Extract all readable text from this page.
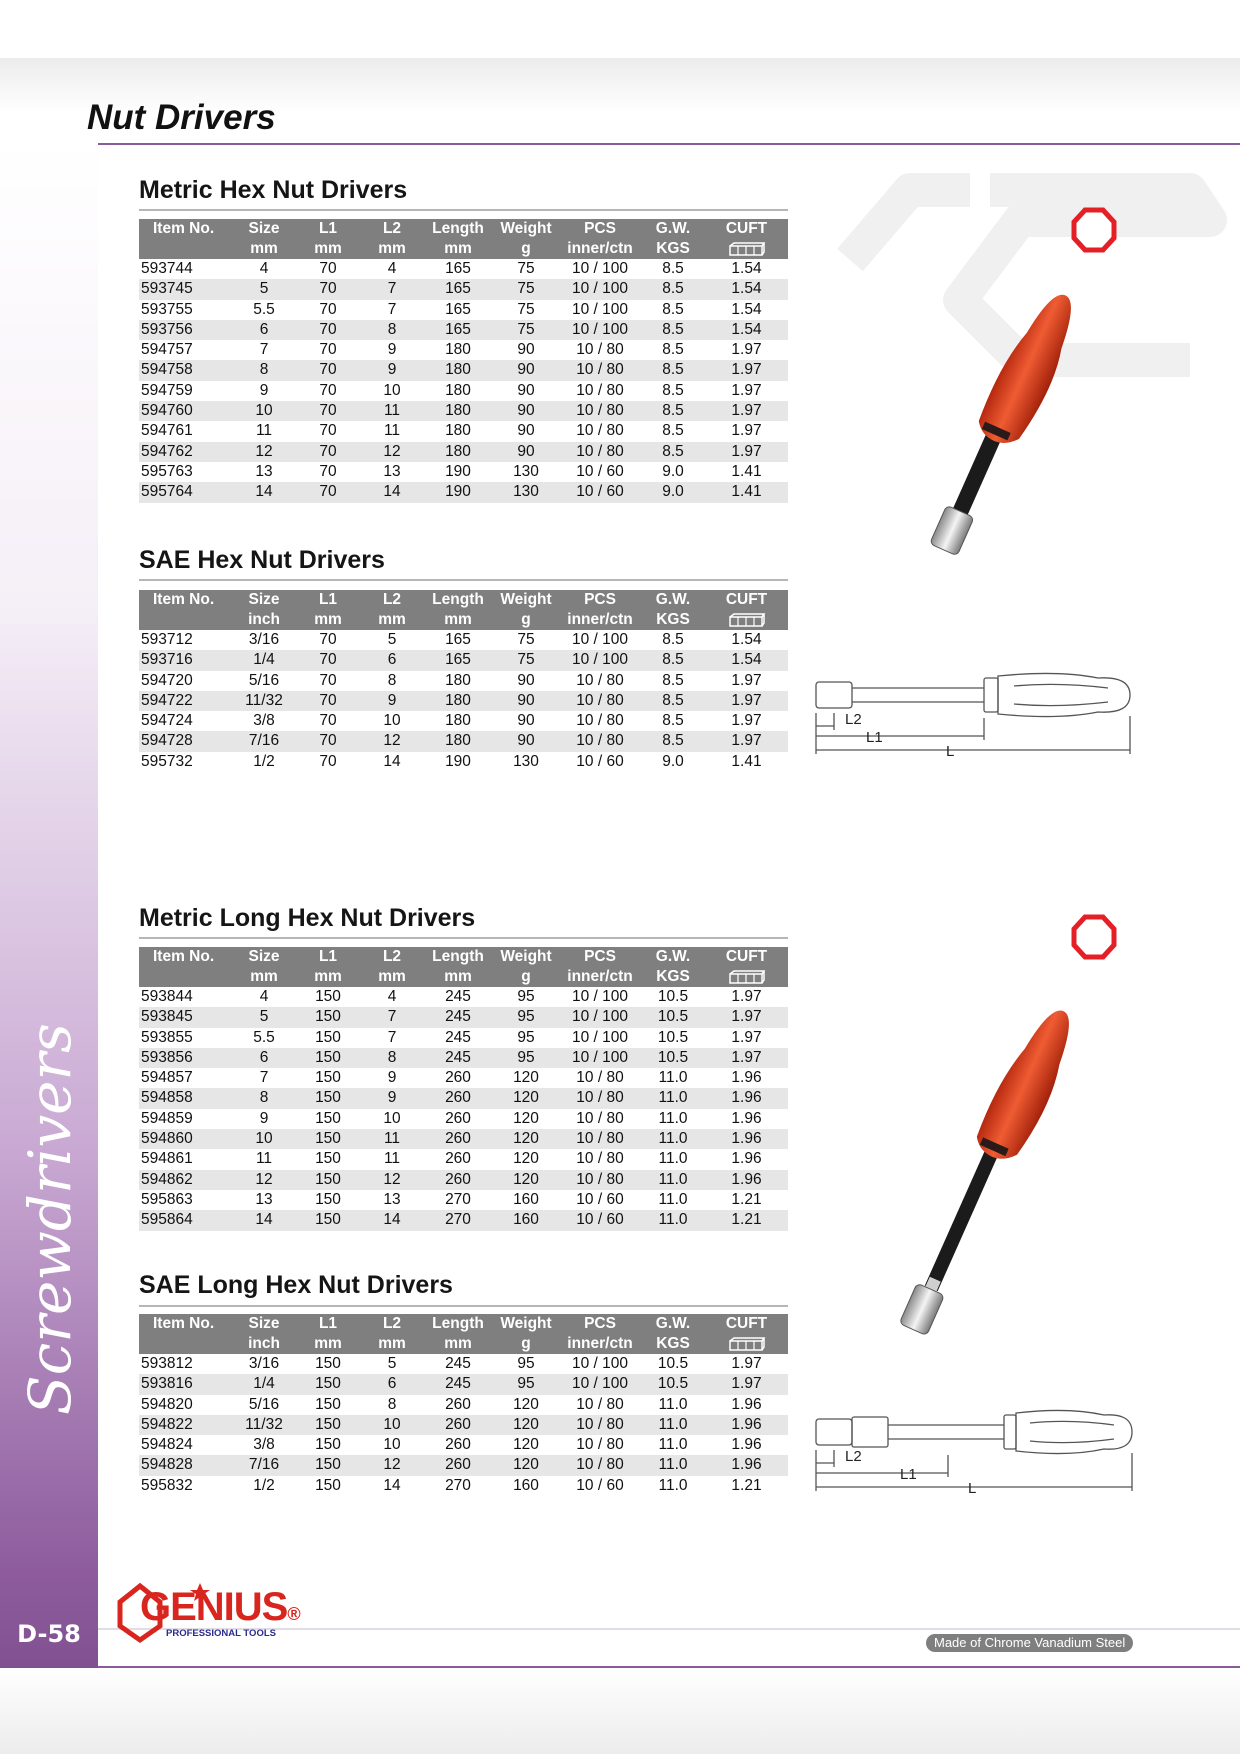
Nut Drivers
Screwdrivers
D-58
Metric Hex Nut Drivers
Item No.	Size	L1	L2	Length	Weight	PCS	G.W.	CUFT
	mm	mm	mm	mm	g	inner/ctn	KGS	
593744	4	70	4	165	75	10 / 100	8.5	1.54
593745	5	70	7	165	75	10 / 100	8.5	1.54
593755	5.5	70	7	165	75	10 / 100	8.5	1.54
593756	6	70	8	165	75	10 / 100	8.5	1.54
594757	7	70	9	180	90	10 / 80	8.5	1.97
594758	8	70	9	180	90	10 / 80	8.5	1.97
594759	9	70	10	180	90	10 / 80	8.5	1.97
594760	10	70	11	180	90	10 / 80	8.5	1.97
594761	11	70	11	180	90	10 / 80	8.5	1.97
594762	12	70	12	180	90	10 / 80	8.5	1.97
595763	13	70	13	190	130	10 / 60	9.0	1.41
595764	14	70	14	190	130	10 / 60	9.0	1.41
SAE Hex Nut Drivers
Item No.	Size	L1	L2	Length	Weight	PCS	G.W.	CUFT
	inch	mm	mm	mm	g	inner/ctn	KGS	
593712	3/16	70	5	165	75	10 / 100	8.5	1.54
593716	1/4	70	6	165	75	10 / 100	8.5	1.54
594720	5/16	70	8	180	90	10 / 80	8.5	1.97
594722	11/32	70	9	180	90	10 / 80	8.5	1.97
594724	3/8	70	10	180	90	10 / 80	8.5	1.97
594728	7/16	70	12	180	90	10 / 80	8.5	1.97
595732	1/2	70	14	190	130	10 / 60	9.0	1.41
Metric Long Hex Nut Drivers
Item No.	Size	L1	L2	Length	Weight	PCS	G.W.	CUFT
	mm	mm	mm	mm	g	inner/ctn	KGS	
593844	4	150	4	245	95	10 / 100	10.5	1.97
593845	5	150	7	245	95	10 / 100	10.5	1.97
593855	5.5	150	7	245	95	10 / 100	10.5	1.97
593856	6	150	8	245	95	10 / 100	10.5	1.97
594857	7	150	9	260	120	10 / 80	11.0	1.96
594858	8	150	9	260	120	10 / 80	11.0	1.96
594859	9	150	10	260	120	10 / 80	11.0	1.96
594860	10	150	11	260	120	10 / 80	11.0	1.96
594861	11	150	11	260	120	10 / 80	11.0	1.96
594862	12	150	12	260	120	10 / 80	11.0	1.96
595863	13	150	13	270	160	10 / 60	11.0	1.21
595864	14	150	14	270	160	10 / 60	11.0	1.21
SAE Long Hex Nut Drivers
Item No.	Size	L1	L2	Length	Weight	PCS	G.W.	CUFT
	inch	mm	mm	mm	g	inner/ctn	KGS	
593812	3/16	150	5	245	95	10 / 100	10.5	1.97
593816	1/4	150	6	245	95	10 / 100	10.5	1.97
594820	5/16	150	8	260	120	10 / 80	11.0	1.96
594822	11/32	150	10	260	120	10 / 80	11.0	1.96
594824	3/8	150	10	260	120	10 / 80	11.0	1.96
594828	7/16	150	12	260	120	10 / 80	11.0	1.96
595832	1/2	150	14	270	160	10 / 60	11.0	1.21
L2
L1
L
L2
L1
L
GENIUS®
PROFESSIONAL TOOLS
Made of Chrome Vanadium Steel
